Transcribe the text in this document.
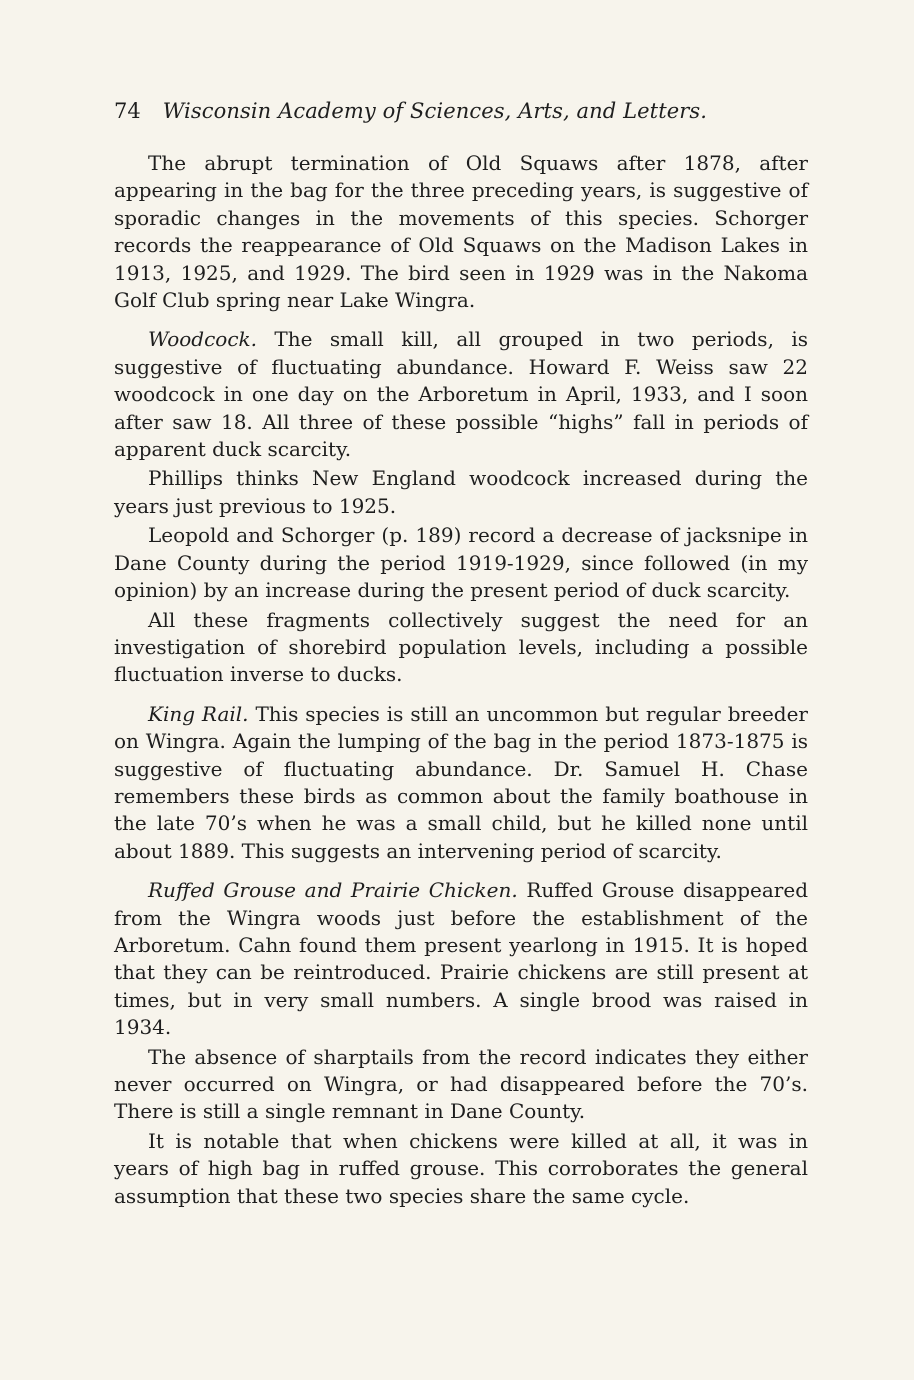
74 Wisconsin Academy of Sciences, Arts, and Letters.

The abrupt termination of Old Squaws after 1878, after appearing in the bag for the three preceding years, is suggestive of sporadic changes in the movements of this species. Schorger records the reappearance of Old Squaws on the Madison Lakes in 1913, 1925, and 1929. The bird seen in 1929 was in the Nakoma Golf Club spring near Lake Wingra.

Woodcock. The small kill, all grouped in two periods, is suggestive of fluctuating abundance. Howard F. Weiss saw 22 woodcock in one day on the Arboretum in April, 1933, and I soon after saw 18. All three of these possible “highs” fall in periods of apparent duck scarcity.

Phillips thinks New England woodcock increased during the years just previous to 1925.

Leopold and Schorger (p. 189) record a decrease of jacksnipe in Dane County during the period 1919-1929, since followed (in my opinion) by an increase during the present period of duck scarcity.

All these fragments collectively suggest the need for an investigation of shorebird population levels, including a possible fluctuation inverse to ducks.

King Rail. This species is still an uncommon but regular breeder on Wingra. Again the lumping of the bag in the period 1873-1875 is suggestive of fluctuating abundance. Dr. Samuel H. Chase remembers these birds as common about the family boathouse in the late 70’s when he was a small child, but he killed none until about 1889. This suggests an intervening period of scarcity.

Ruffed Grouse and Prairie Chicken. Ruffed Grouse disappeared from the Wingra woods just before the establishment of the Arboretum. Cahn found them present yearlong in 1915. It is hoped that they can be reintroduced. Prairie chickens are still present at times, but in very small numbers. A single brood was raised in 1934.

The absence of sharptails from the record indicates they either never occurred on Wingra, or had disappeared before the 70’s. There is still a single remnant in Dane County.

It is notable that when chickens were killed at all, it was in years of high bag in ruffed grouse. This corroborates the general assumption that these two species share the same cycle.
